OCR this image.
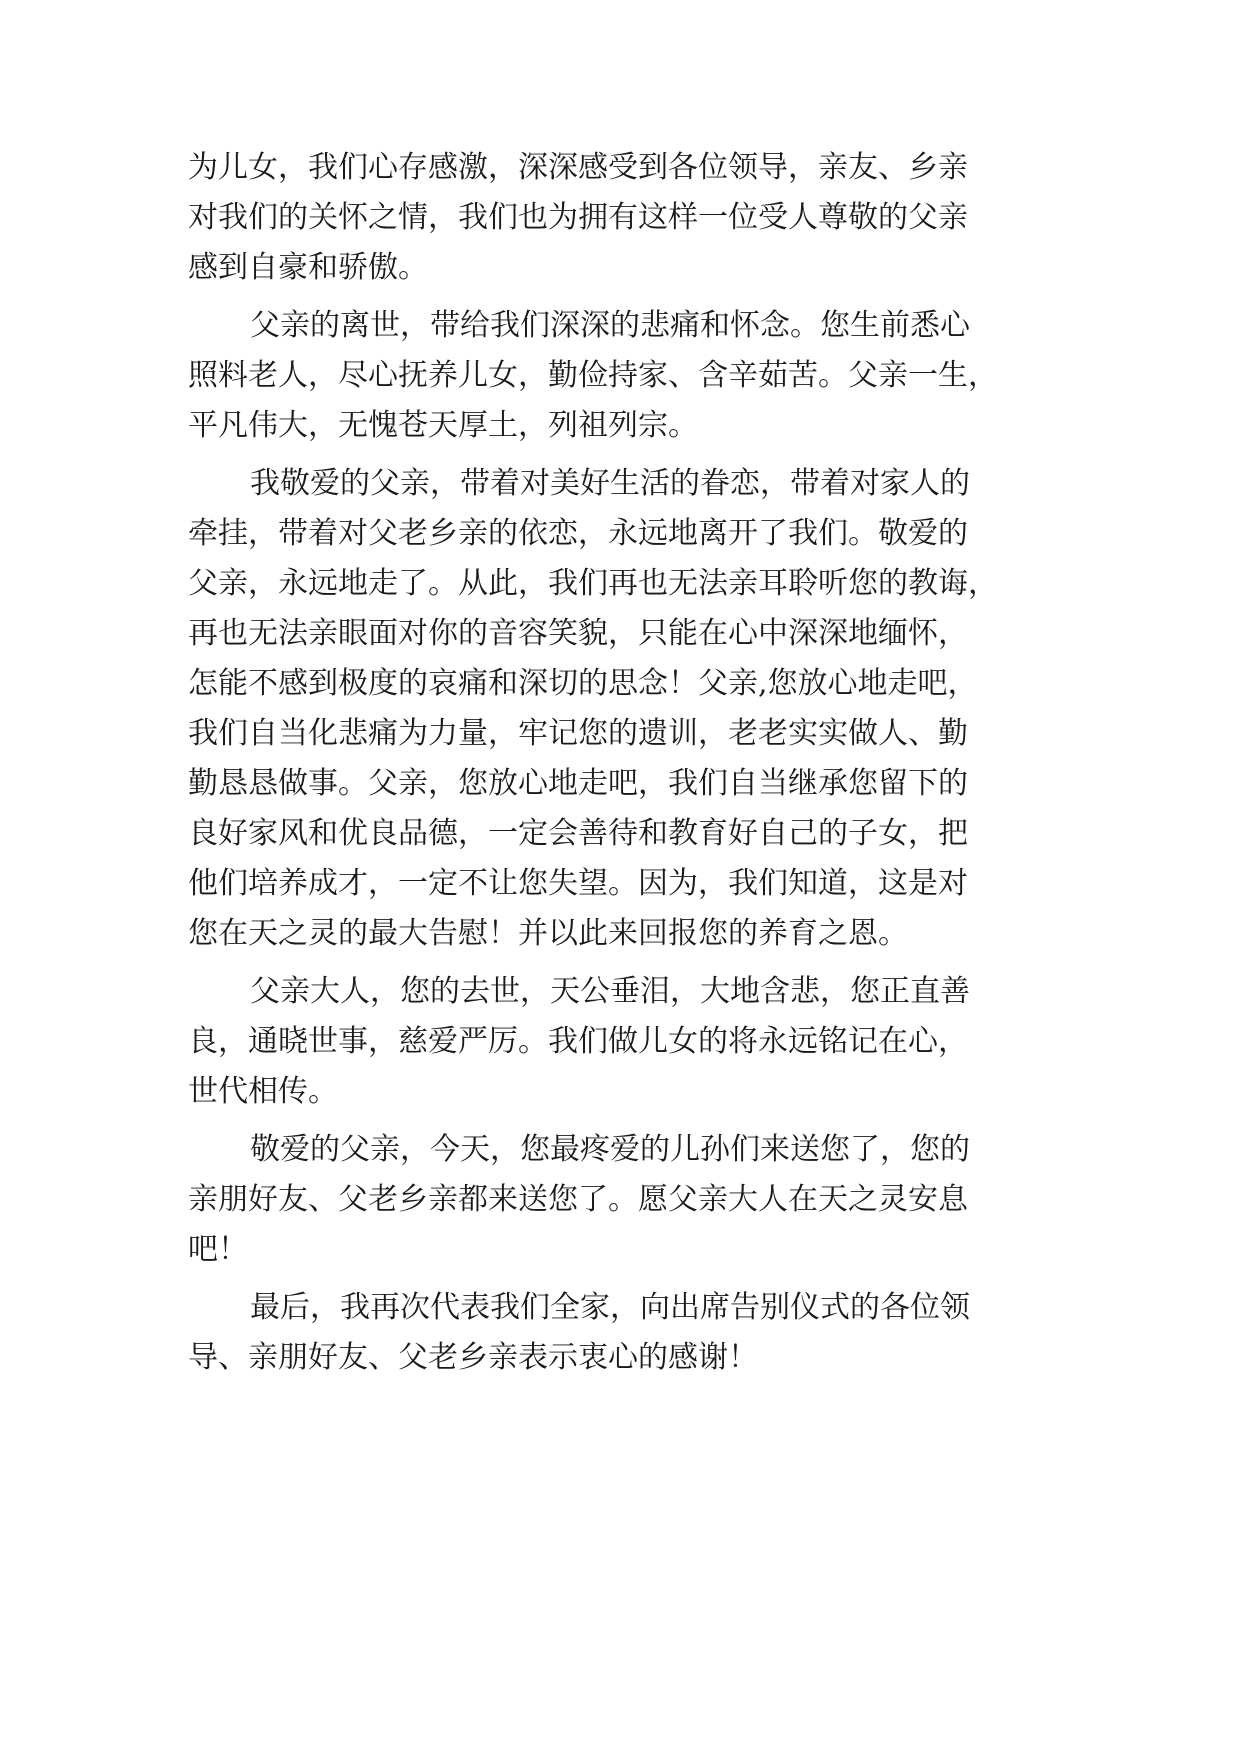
为儿女，我们心存感激，深深感受到各位领导，亲友、乡亲
对我们的关怀之情，我们也为拥有这样一位受人尊敬的父亲
感到自豪和骄傲。
父亲的离世，带给我们深深的悲痛和怀念。您生前悉心
照料老人，尽心抚养儿女，勤俭持家、含辛茹苦。父亲一生，
平凡伟大，无愧苍天厚土，列祖列宗。
我敬爱的父亲，带着对美好生活的眷恋，带着对家人的
牵挂，带着对父老乡亲的依恋，永远地离开了我们。敬爱的
父亲，永远地走了。从此，我们再也无法亲耳聆听您的教诲，
再也无法亲眼面对你的音容笑貌，只能在心中深深地缅怀，
怎能不感到极度的哀痛和深切的思念！父亲,您放心地走吧，
我们自当化悲痛为力量，牢记您的遗训，老老实实做人、勤
勤恳恳做事。父亲，您放心地走吧，我们自当继承您留下的
良好家风和优良品德，一定会善待和教育好自己的子女，把
他们培养成才，一定不让您失望。因为，我们知道，这是对
您在天之灵的最大告慰！并以此来回报您的养育之恩。
父亲大人，您的去世，天公垂泪，大地含悲，您正直善
良，通晓世事，慈爱严厉。我们做儿女的将永远铭记在心，
世代相传。
敬爱的父亲，今天，您最疼爱的儿孙们来送您了，您的
亲朋好友、父老乡亲都来送您了。愿父亲大人在天之灵安息
吧！
最后，我再次代表我们全家，向出席告别仪式的各位领
导、亲朋好友、父老乡亲表示衷心的感谢！
